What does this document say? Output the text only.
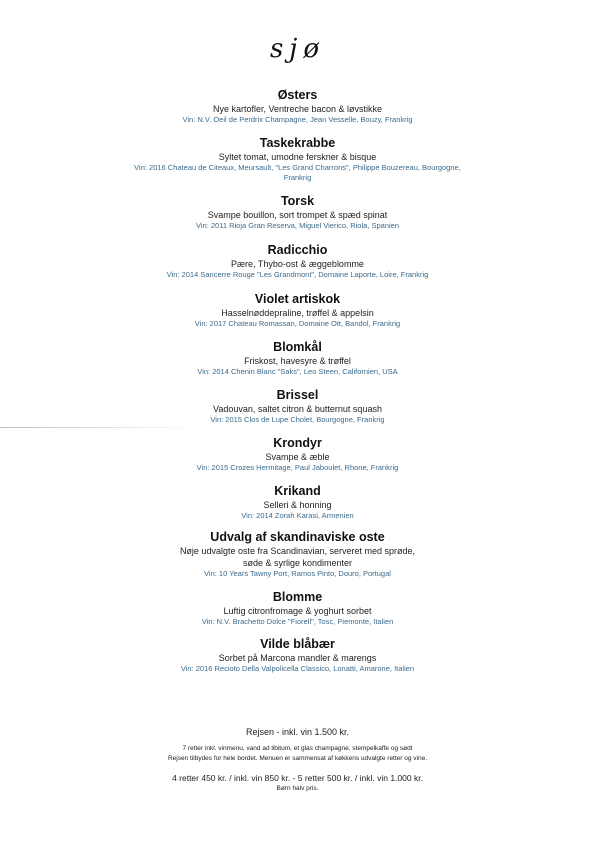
sjø	·
Østers
Nye kartofler, Ventreche bacon & løvstikke
Vin: N.V. Oeil de Perdrix Champagne, Jean Vesselle, Bouzy, Frankrig
Taskekrabbe
Syltet tomat, umodne ferskner & bisque
Vin: 2016 Chateau de Citeaux, Meursault, "Les Grand Charrons", Philippe Bouzereau, Bourgogne,
Frankrig
Torsk
Svampe bouillon, sort trompet & spæd spinat
Vin: 2011 Rioja Gran Reserva, Miguel Vierico, Riola, Spanien
Radicchio
Pære, Thybo-ost & æggeblomme
Vin: 2014 Sancerre Rouge "Les Grandmont", Domaine Laporte, Loire, Frankrig
Violet artiskok
Hasselnøddepraline, trøffel & appelsin
Vin: 2017 Chateau Romassan, Domaine Ott, Bandol, Frankrig
Blomkål
Friskost, havesyre & trøffel
Vin: 2014 Chenin Blanc "Saks", Leo Steen, Californien, USA
Brissel
Vadouvan, saltet citron & butternut squash
Vin: 2015 Clos de Lupe Cholet, Bourgogne, Frankrig
Krondyr
Svampe & æble
Vin: 2015 Crozes Hermitage, Paul Jaboulet, Rhone, Frankrig
Krikand
Selleri & honning
Vin: 2014 Zorah Karasi, Armenien
Udvalg af skandinaviske oste
Nøje udvalgte oste fra Scandinavian, serveret med sprøde,
søde & syrlige kondimenter
Vin: 10 Years Tawny Port, Ramos Pinto, Douro, Portugal
Blomme
Luftig citronfromage & yoghurt sorbet
Vin: N.V. Brachetto Dolce "Fiorell", Tosc, Piemonte, Italien
Vilde blåbær
Sorbet på Marcona mandler & marengs
Vin: 2016 Recioto Della Valpolicella Classico, Lonatti, Amarone, Italien
Rejsen - inkl. vin 1.500 kr.
7 retter inkl. vinmenu, vand ad libitum, et glas champagne, stempelkaffe og sødt
Rejsen tilbydes for hele bordet. Menuen er sammensat af køkkens udvalgte retter og vine.
4 retter 450 kr. / inkl. vin 850 kr. - 5 retter 500 kr. / inkl. vin 1.000 kr.
Børn halv pris.
